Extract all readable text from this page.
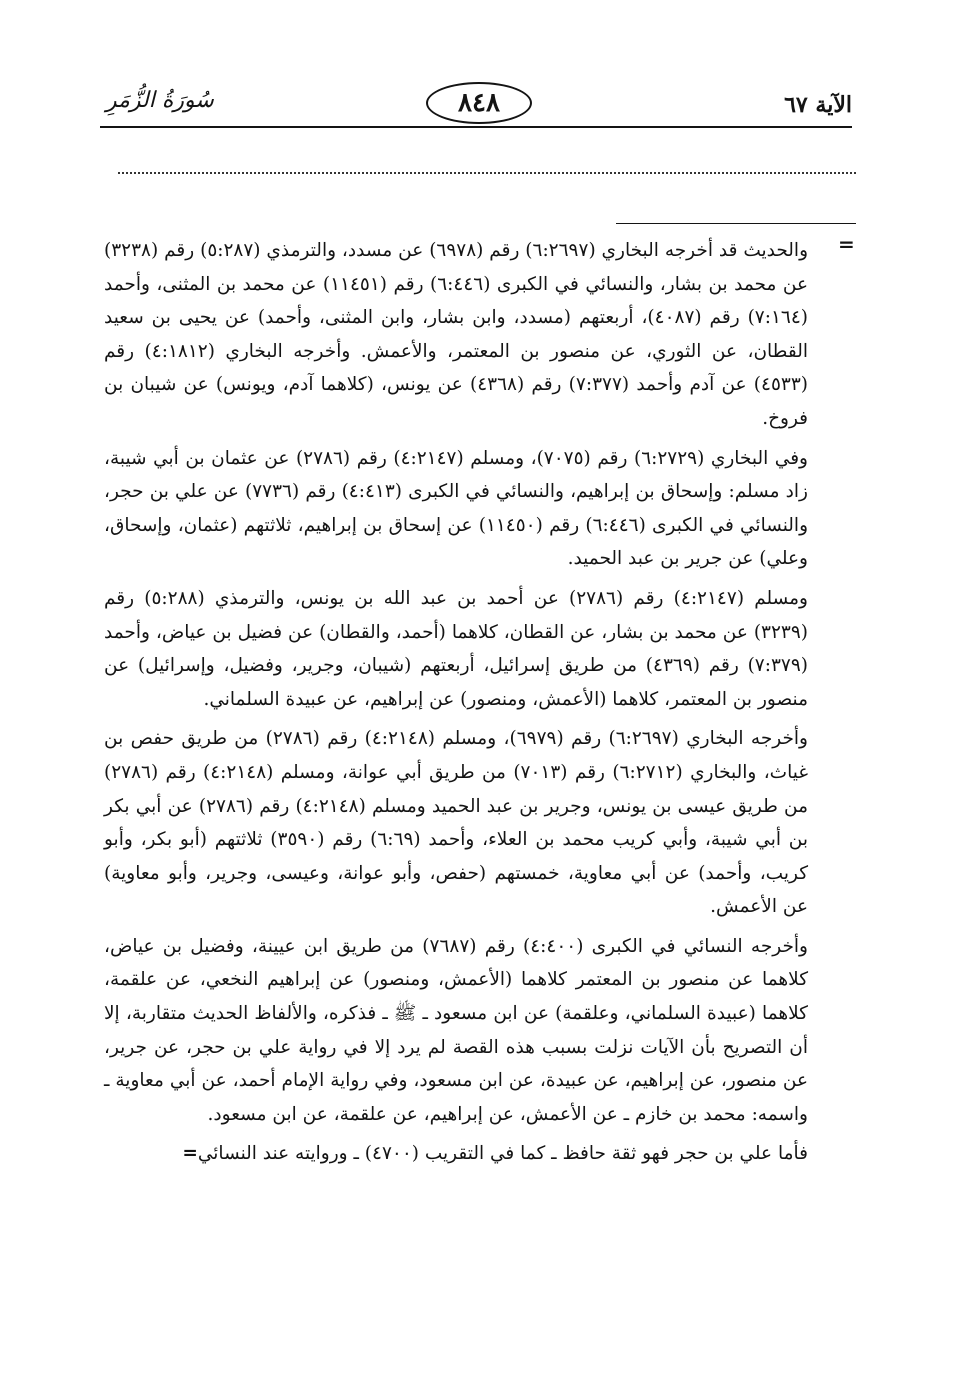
الآية ٦٧
٨٤٨
سُورَةُ الزُّمَرِ
=

والحديث قد أخرجه البخاري (٦:٢٦٩٧) رقم (٦٩٧٨) عن مسدد، والترمذي (٥:٢٨٧) رقم (٣٢٣٨) عن محمد بن بشار، والنسائي في الكبرى (٦:٤٤٦) رقم (١١٤٥١) عن محمد بن المثنى، وأحمد (٧:١٦٤) رقم (٤٠٨٧)، أربعتهم (مسدد، وابن بشار، وابن المثنى، وأحمد) عن يحيى بن سعيد القطان، عن الثوري، عن منصور بن المعتمر، والأعمش. وأخرجه البخاري (٤:١٨١٢) رقم (٤٥٣٣) عن آدم وأحمد (٧:٣٧٧) رقم (٤٣٦٨) عن يونس، (كلاهما آدم، ويونس) عن شيبان بن فروخ.

وفي البخاري (٦:٢٧٢٩) رقم (٧٠٧٥)، ومسلم (٤:٢١٤٧) رقم (٢٧٨٦) عن عثمان بن أبي شيبة، زاد مسلم: وإسحاق بن إبراهيم، والنسائي في الكبرى (٤:٤١٣) رقم (٧٧٣٦) عن علي بن حجر، والنسائي في الكبرى (٦:٤٤٦) رقم (١١٤٥٠) عن إسحاق بن إبراهيم، ثلاثتهم (عثمان، وإسحاق، وعلي) عن جرير بن عبد الحميد.

ومسلم (٤:٢١٤٧) رقم (٢٧٨٦) عن أحمد بن عبد الله بن يونس، والترمذي (٥:٢٨٨) رقم (٣٢٣٩) عن محمد بن بشار، عن القطان، كلاهما (أحمد، والقطان) عن فضيل بن عياض، وأحمد (٧:٣٧٩) رقم (٤٣٦٩) من طريق إسرائيل، أربعتهم (شيبان، وجرير، وفضيل، وإسرائيل) عن منصور بن المعتمر، كلاهما (الأعمش، ومنصور) عن إبراهيم، عن عبيدة السلماني.

وأخرجه البخاري (٦:٢٦٩٧) رقم (٦٩٧٩)، ومسلم (٤:٢١٤٨) رقم (٢٧٨٦) من طريق حفص بن غياث، والبخاري (٦:٢٧١٢) رقم (٧٠١٣) من طريق أبي عوانة، ومسلم (٤:٢١٤٨) رقم (٢٧٨٦) من طريق عيسى بن يونس، وجرير بن عبد الحميد ومسلم (٤:٢١٤٨) رقم (٢٧٨٦) عن أبي بكر بن أبي شيبة، وأبي كريب محمد بن العلاء، وأحمد (٦:٦٩) رقم (٣٥٩٠) ثلاثتهم (أبو بكر، وأبو كريب، وأحمد) عن أبي معاوية، خمستهم (حفص، وأبو عوانة، وعيسى، وجرير، وأبو معاوية) عن الأعمش.

وأخرجه النسائي في الكبرى (٤:٤٠٠) رقم (٧٦٨٧) من طريق ابن عيينة، وفضيل بن عياض، كلاهما عن منصور بن المعتمر كلاهما (الأعمش، ومنصور) عن إبراهيم النخعي، عن علقمة، كلاهما (عبيدة السلماني، وعلقمة) عن ابن مسعود ـ ﷺ ـ فذكره، والألفاظ الحديث متقاربة، إلا أن التصريح بأن الآيات نزلت بسبب هذه القصة لم يرد إلا في رواية علي بن حجر، عن جرير، عن منصور، عن إبراهيم، عن عبيدة، عن ابن مسعود، وفي رواية الإمام أحمد، عن أبي معاوية ـ واسمه: محمد بن خازم ـ عن الأعمش، عن إبراهيم، عن علقمة، عن ابن مسعود.

فأما علي بن حجر فهو ثقة حافظ ـ كما في التقريب (٤٧٠٠) ـ وروايته عند النسائي=
